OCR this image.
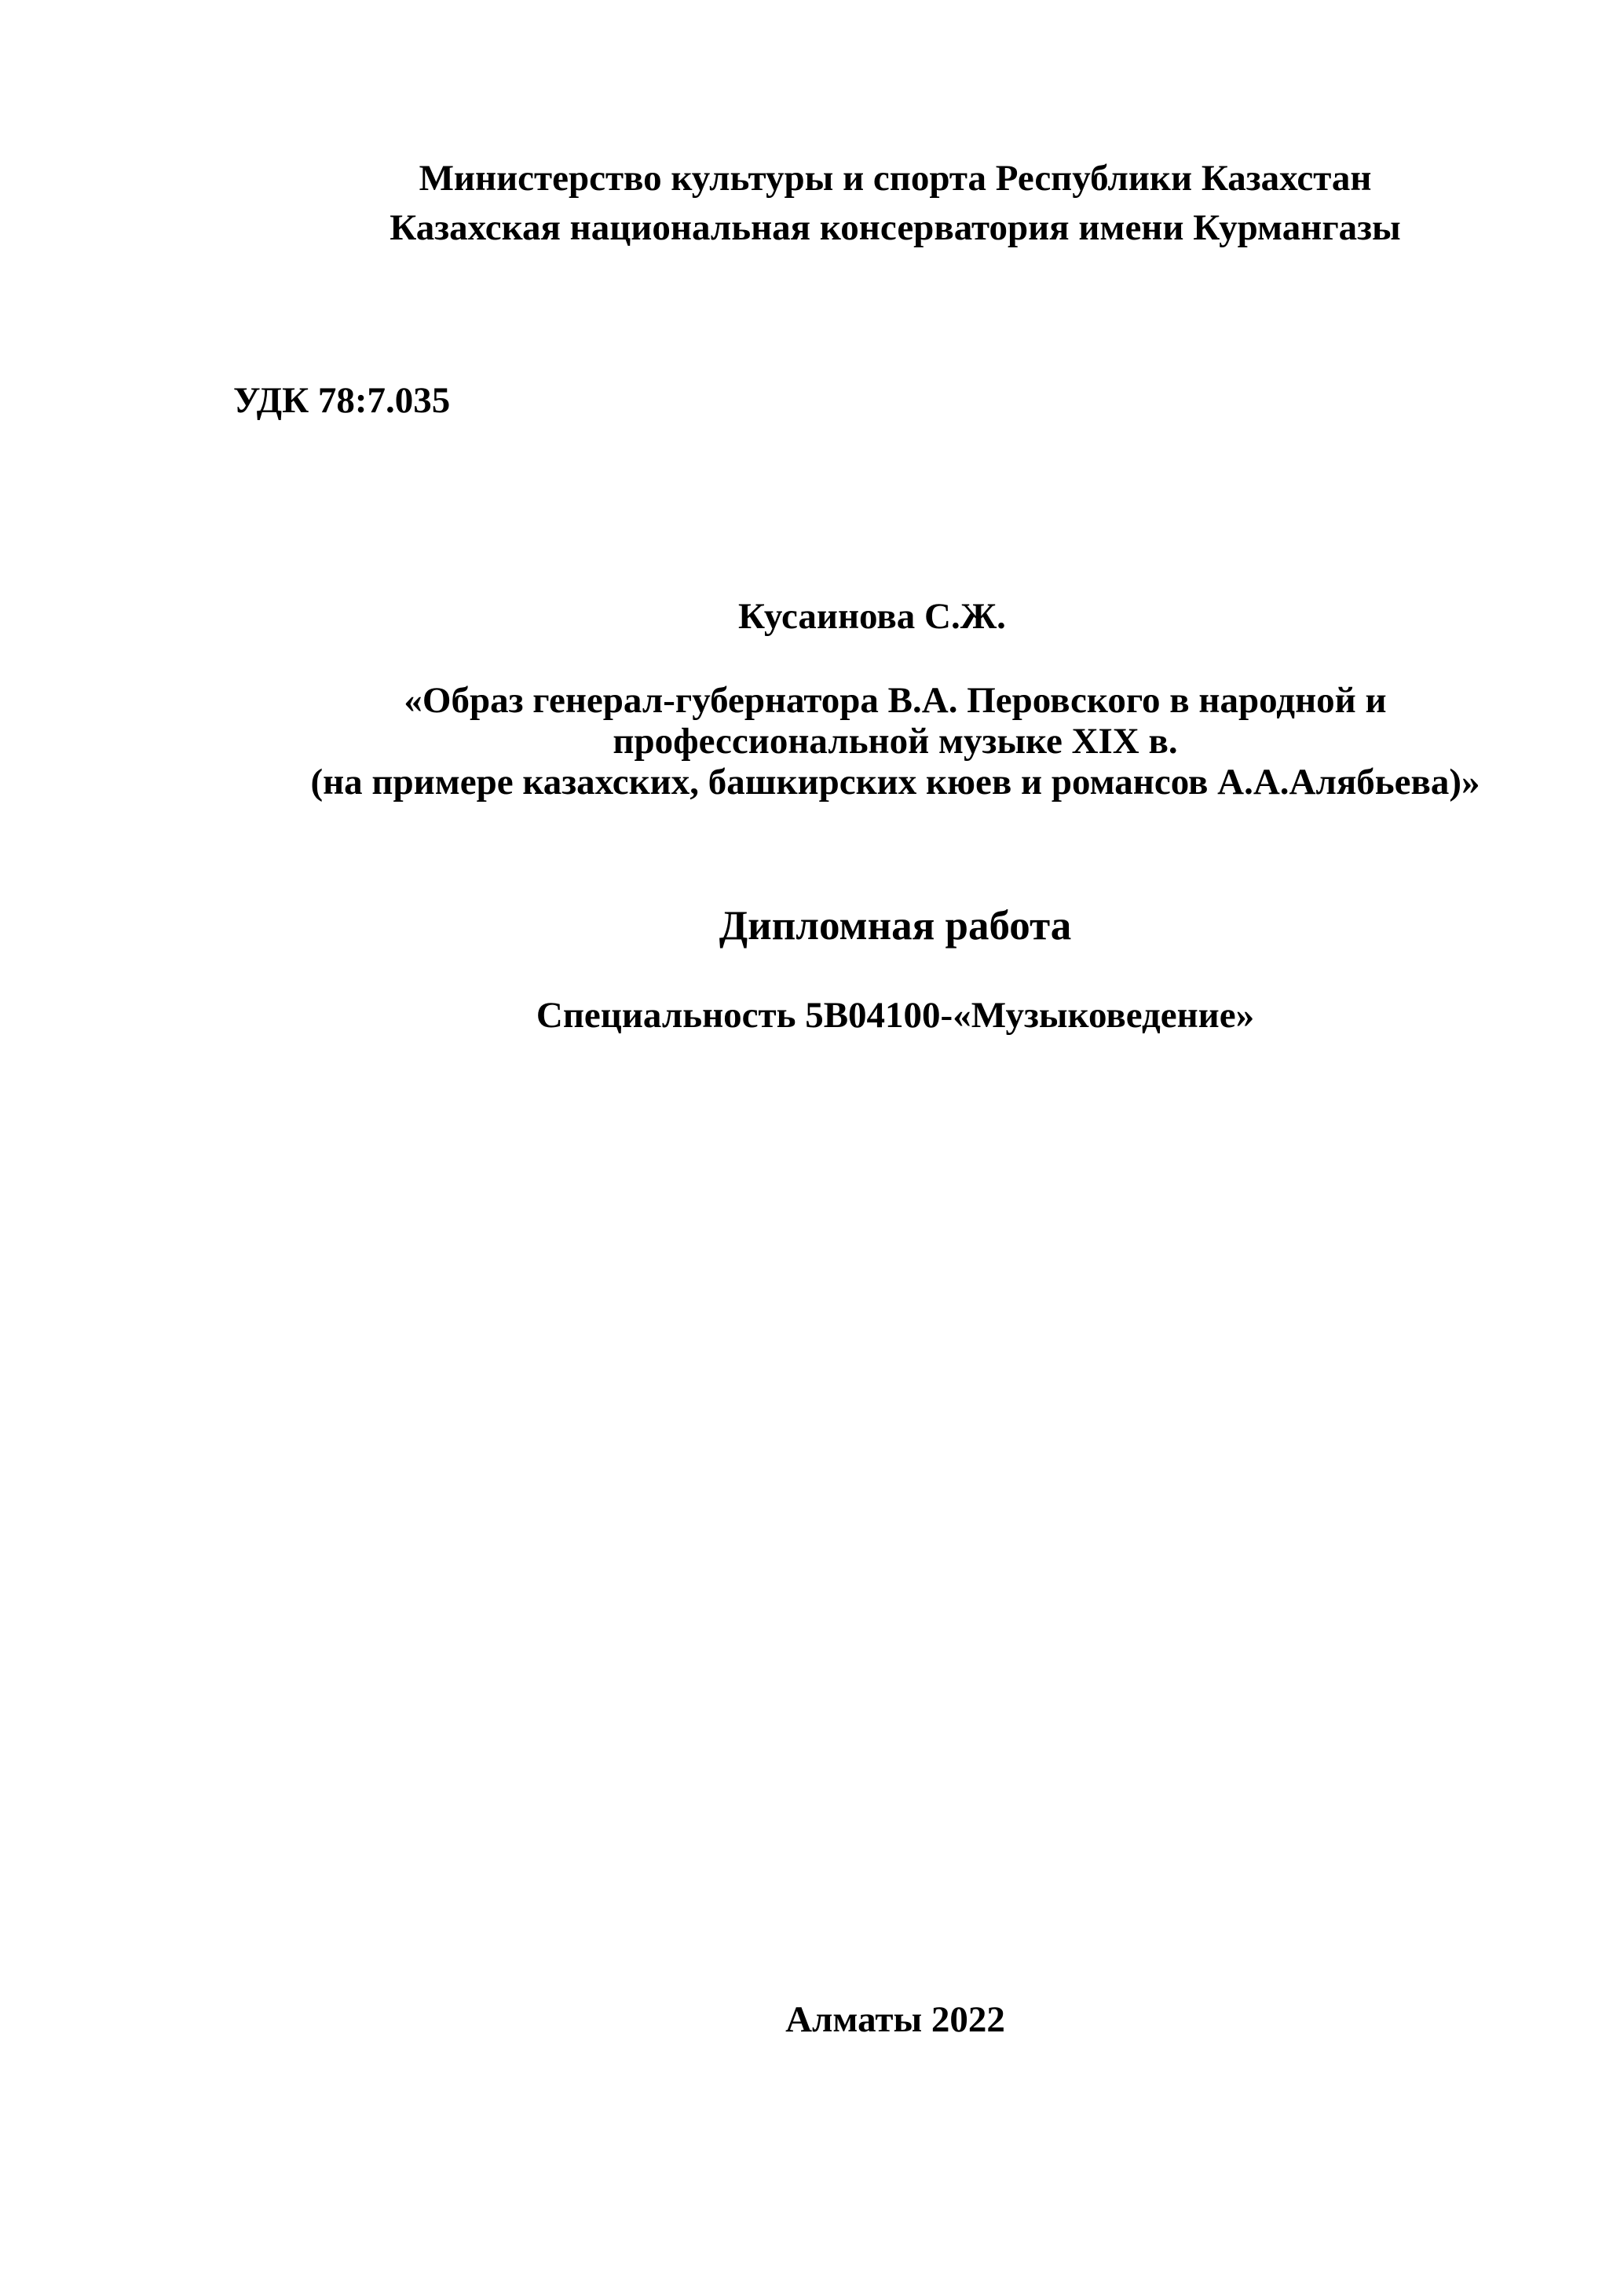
Министерство культуры и спорта Республики Казахстан
Казахская национальная консерватория имени Курмангазы

УДК 78:7.035

Кусаинова С.Ж.

«Образ генерал-губернатора В.А. Перовского в народной и
профессиональной музыке XIX в.
(на примере казахских, башкирских кюев и романсов А.А.Алябьева)»

Дипломная работа

Специальность 5В04100-«Музыковедение»

Алматы 2022
